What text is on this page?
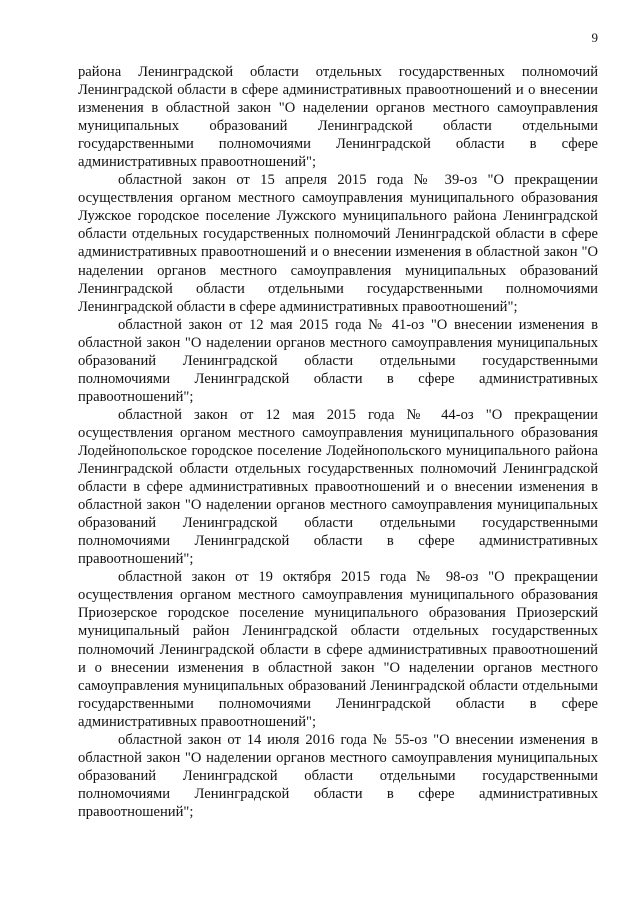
9

района Ленинградской области отдельных государственных полномочий Ленинградской области в сфере административных правоотношений и о внесении изменения в областной закон "О наделении органов местного самоуправления муниципальных образований Ленинградской области отдельными государственными полномочиями Ленинградской области в сфере административных правоотношений";

областной закон от 15 апреля 2015 года № 39-оз "О прекращении осуществления органом местного самоуправления муниципального образования Лужское городское поселение Лужского муниципального района Ленинградской области отдельных государственных полномочий Ленинградской области в сфере административных правоотношений и о внесении изменения в областной закон "О наделении органов местного самоуправления муниципальных образований Ленинградской области отдельными государственными полномочиями Ленинградской области в сфере административных правоотношений";

областной закон от 12 мая 2015 года № 41-оз "О внесении изменения в областной закон "О наделении органов местного самоуправления муниципальных образований Ленинградской области отдельными государственными полномочиями Ленинградской области в сфере административных правоотношений";

областной закон от 12 мая 2015 года № 44-оз "О прекращении осуществления органом местного самоуправления муниципального образования Лодейнопольское городское поселение Лодейнопольского муниципального района Ленинградской области отдельных государственных полномочий Ленинградской области в сфере административных правоотношений и о внесении изменения в областной закон "О наделении органов местного самоуправления муниципальных образований Ленинградской области отдельными государственными полномочиями Ленинградской области в сфере административных правоотношений";

областной закон от 19 октября 2015 года № 98-оз "О прекращении осуществления органом местного самоуправления муниципального образования Приозерское городское поселение муниципального образования Приозерский муниципальный район Ленинградской области отдельных государственных полномочий Ленинградской области в сфере административных правоотношений и о внесении изменения в областной закон "О наделении органов местного самоуправления муниципальных образований Ленинградской области отдельными государственными полномочиями Ленинградской области в сфере административных правоотношений";

областной закон от 14 июля 2016 года № 55-оз "О внесении изменения в областной закон "О наделении органов местного самоуправления муниципальных образований Ленинградской области отдельными государственными полномочиями Ленинградской области в сфере административных правоотношений";
